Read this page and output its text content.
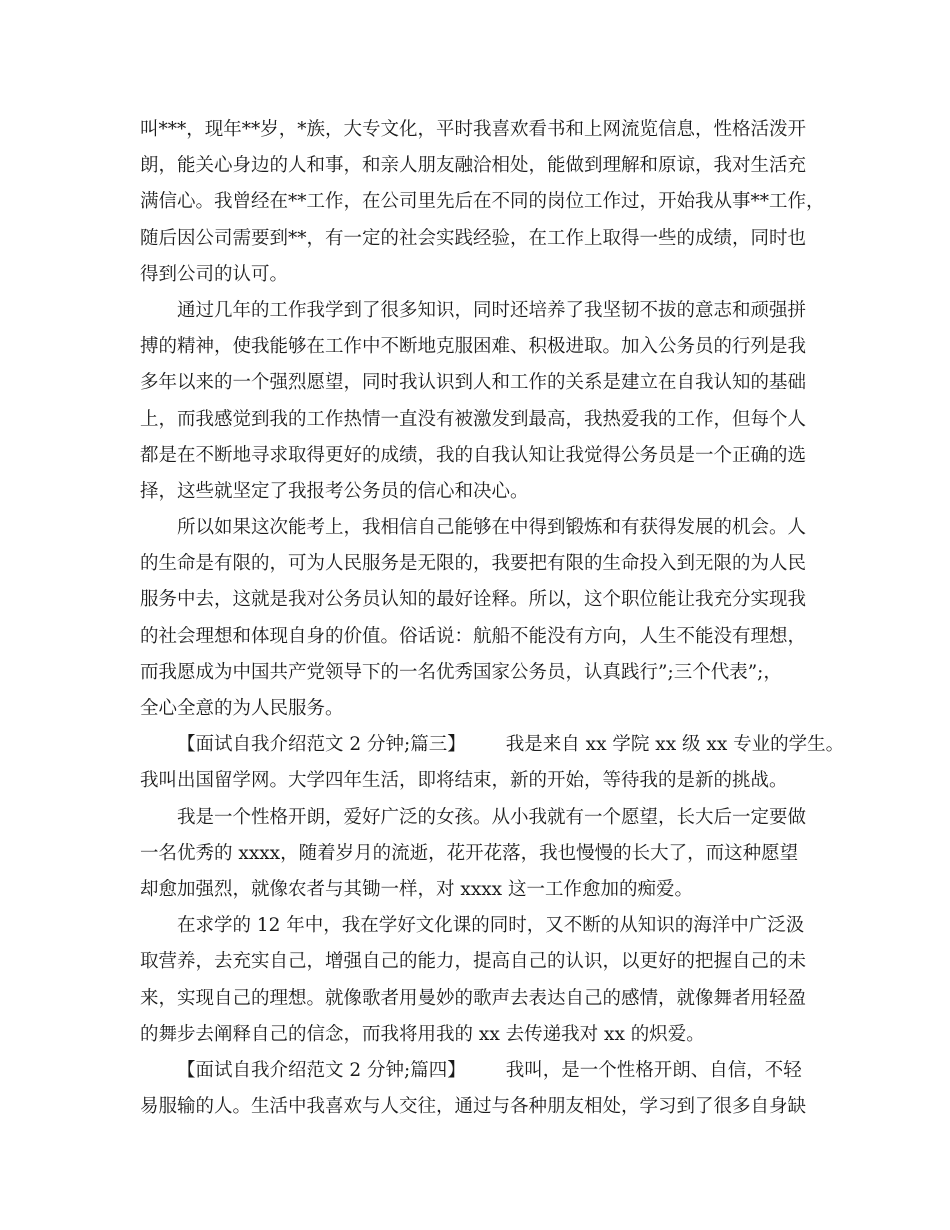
叫***，现年**岁，*族，大专文化，平时我喜欢看书和上网流览信息，性格活泼开
朗，能关心身边的人和事，和亲人朋友融洽相处，能做到理解和原谅，我对生活充
满信心。我曾经在**工作，在公司里先后在不同的岗位工作过，开始我从事**工作，
随后因公司需要到**，有一定的社会实践经验，在工作上取得一些的成绩，同时也
得到公司的认可。
通过几年的工作我学到了很多知识，同时还培养了我坚韧不拔的意志和顽强拼
搏的精神，使我能够在工作中不断地克服困难、积极进取。加入公务员的行列是我
多年以来的一个强烈愿望，同时我认识到人和工作的关系是建立在自我认知的基础
上，而我感觉到我的工作热情一直没有被激发到最高，我热爱我的工作，但每个人
都是在不断地寻求取得更好的成绩，我的自我认知让我觉得公务员是一个正确的选
择，这些就坚定了我报考公务员的信心和决心。
所以如果这次能考上，我相信自己能够在中得到锻炼和有获得发展的机会。人
的生命是有限的，可为人民服务是无限的，我要把有限的生命投入到无限的为人民
服务中去，这就是我对公务员认知的最好诠释。所以，这个职位能让我充分实现我
的社会理想和体现自身的价值。俗话说：航船不能没有方向，人生不能没有理想，
而我愿成为中国共产党领导下的一名优秀国家公务员，认真践行”;三个代表”;，
全心全意的为人民服务。
【面试自我介绍范文 2 分钟;篇三】 我是来自 xx 学院 xx 级 xx 专业的学生。
我叫出国留学网。大学四年生活，即将结束，新的开始，等待我的是新的挑战。
我是一个性格开朗，爱好广泛的女孩。从小我就有一个愿望，长大后一定要做
一名优秀的 xxxx，随着岁月的流逝，花开花落，我也慢慢的长大了，而这种愿望
却愈加强烈，就像农者与其锄一样，对 xxxx 这一工作愈加的痴爱。
在求学的 12 年中，我在学好文化课的同时，又不断的从知识的海洋中广泛汲
取营养，去充实自己，增强自己的能力，提高自己的认识，以更好的把握自己的未
来，实现自己的理想。就像歌者用曼妙的歌声去表达自己的感情，就像舞者用轻盈
的舞步去阐释自己的信念，而我将用我的 xx 去传递我对 xx 的炽爱。
【面试自我介绍范文 2 分钟;篇四】 我叫，是一个性格开朗、自信，不轻
易服输的人。生活中我喜欢与人交往，通过与各种朋友相处，学习到了很多自身缺
